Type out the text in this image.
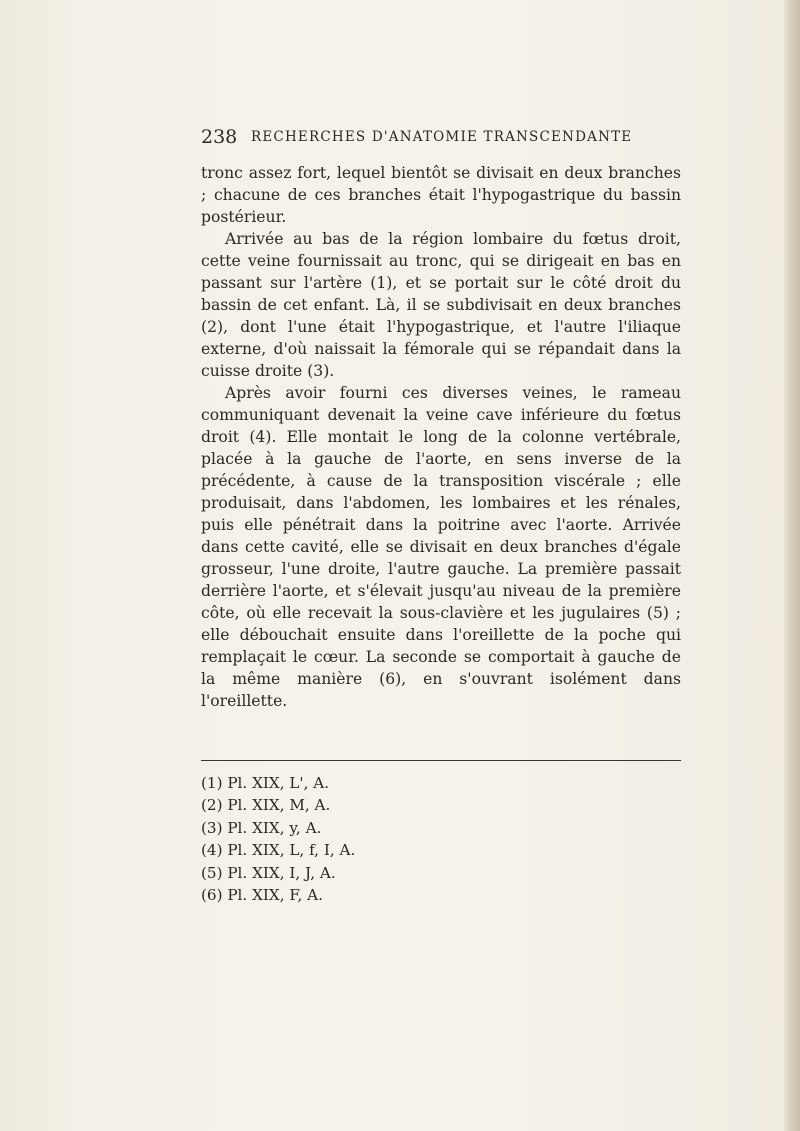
238 RECHERCHES D'ANATOMIE TRANSCENDANTE

tronc assez fort, lequel bientôt se divisait en deux branches ; chacune de ces branches était l'hypogastrique du bassin postérieur.

Arrivée au bas de la région lombaire du fœtus droit, cette veine fournissait au tronc, qui se dirigeait en bas en passant sur l'artère (1), et se portait sur le côté droit du bassin de cet enfant. Là, il se subdivisait en deux branches (2), dont l'une était l'hypogastrique, et l'autre l'iliaque externe, d'où naissait la fémorale qui se répandait dans la cuisse droite (3).

Après avoir fourni ces diverses veines, le rameau communiquant devenait la veine cave inférieure du fœtus droit (4). Elle montait le long de la colonne vertébrale, placée à la gauche de l'aorte, en sens inverse de la précédente, à cause de la transposition viscérale ; elle produisait, dans l'abdomen, les lombaires et les rénales, puis elle pénétrait dans la poitrine avec l'aorte. Arrivée dans cette cavité, elle se divisait en deux branches d'égale grosseur, l'une droite, l'autre gauche. La première passait derrière l'aorte, et s'élevait jusqu'au niveau de la première côte, où elle recevait la sous-clavière et les jugulaires (5) ; elle débouchait ensuite dans l'oreillette de la poche qui remplaçait le cœur. La seconde se comportait à gauche de la même manière (6), en s'ouvrant isolément dans l'oreillette.

(1) Pl. XIX, L', A.
(2) Pl. XIX, M, A.
(3) Pl. XIX, y, A.
(4) Pl. XIX, L, f, I, A.
(5) Pl. XIX, I, J, A.
(6) Pl. XIX, F, A.
